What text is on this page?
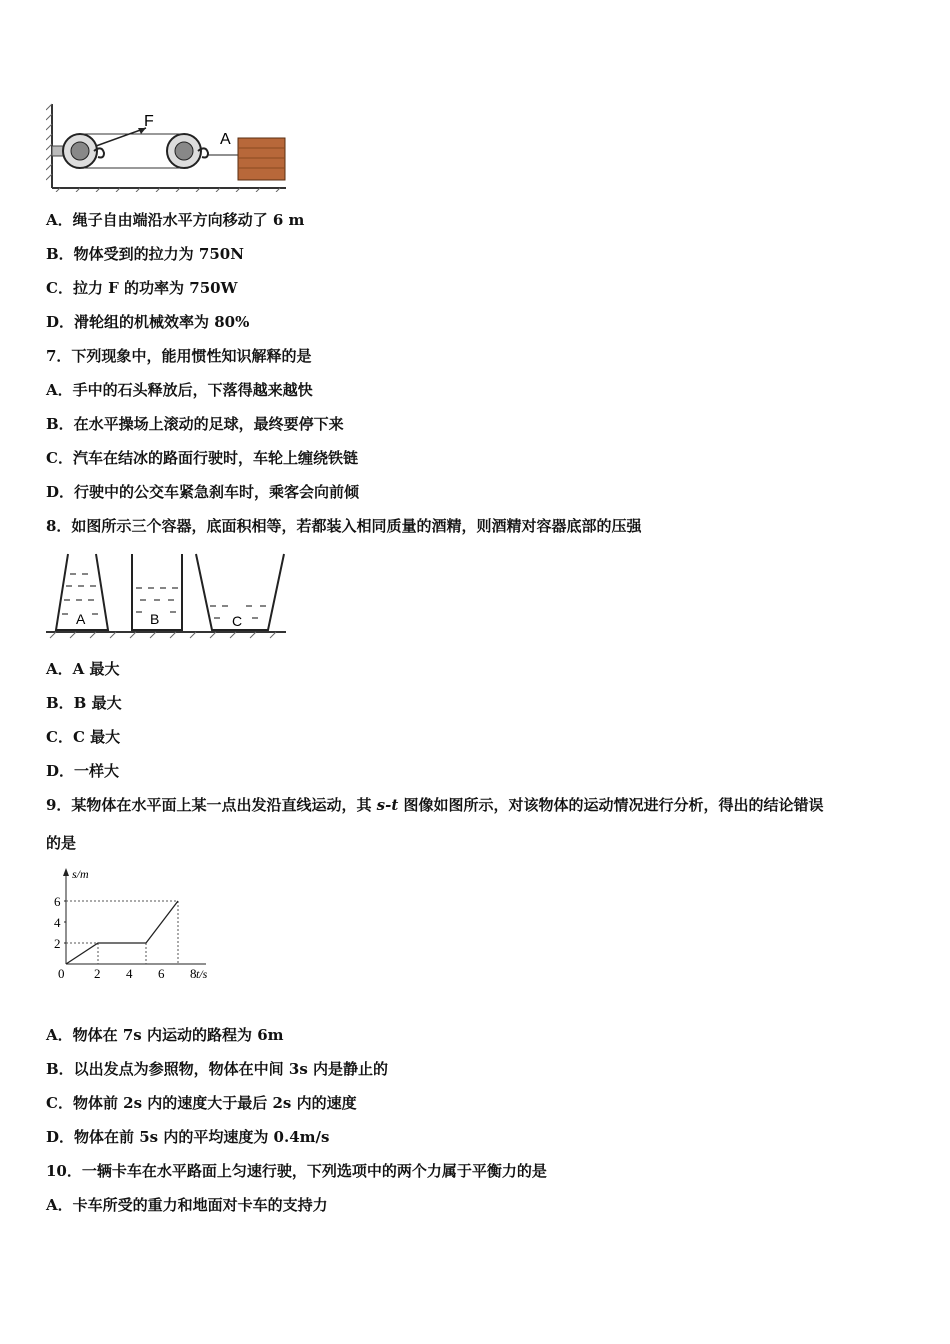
F
A
A．绳子自由端沿水平方向移动了 6 m
B．物体受到的拉力为 750N
C．拉力 F 的功率为 750W
D．滑轮组的机械效率为 80%
7．下列现象中，能用惯性知识解释的是
A．手中的石头释放后，下落得越来越快
B．在水平操场上滚动的足球，最终要停下来
C．汽车在结冰的路面行驶时，车轮上缠绕铁链
D．行驶中的公交车紧急刹车时，乘客会向前倾
8．如图所示三个容器，底面积相等，若都装入相同质量的酒精，则酒精对容器底部的压强
A	B	C
A．A 最大
B．B 最大
C．C 最大
D．一样大
9．某物体在水平面上某一点出发沿直线运动，其 s-t 图像如图所示，对该物体的运动情况进行分析，得出的结论错误
的是
s/m
t/s
0 2 4 6 8
2
4
6
A．物体在 7s 内运动的路程为 6m
B．以出发点为参照物，物体在中间 3s 内是静止的
C．物体前 2s 内的速度大于最后 2s 内的速度
D．物体在前 5s 内的平均速度为 0.4m/s
10．一辆卡车在水平路面上匀速行驶，下列选项中的两个力属于平衡力的是
A．卡车所受的重力和地面对卡车的支持力
